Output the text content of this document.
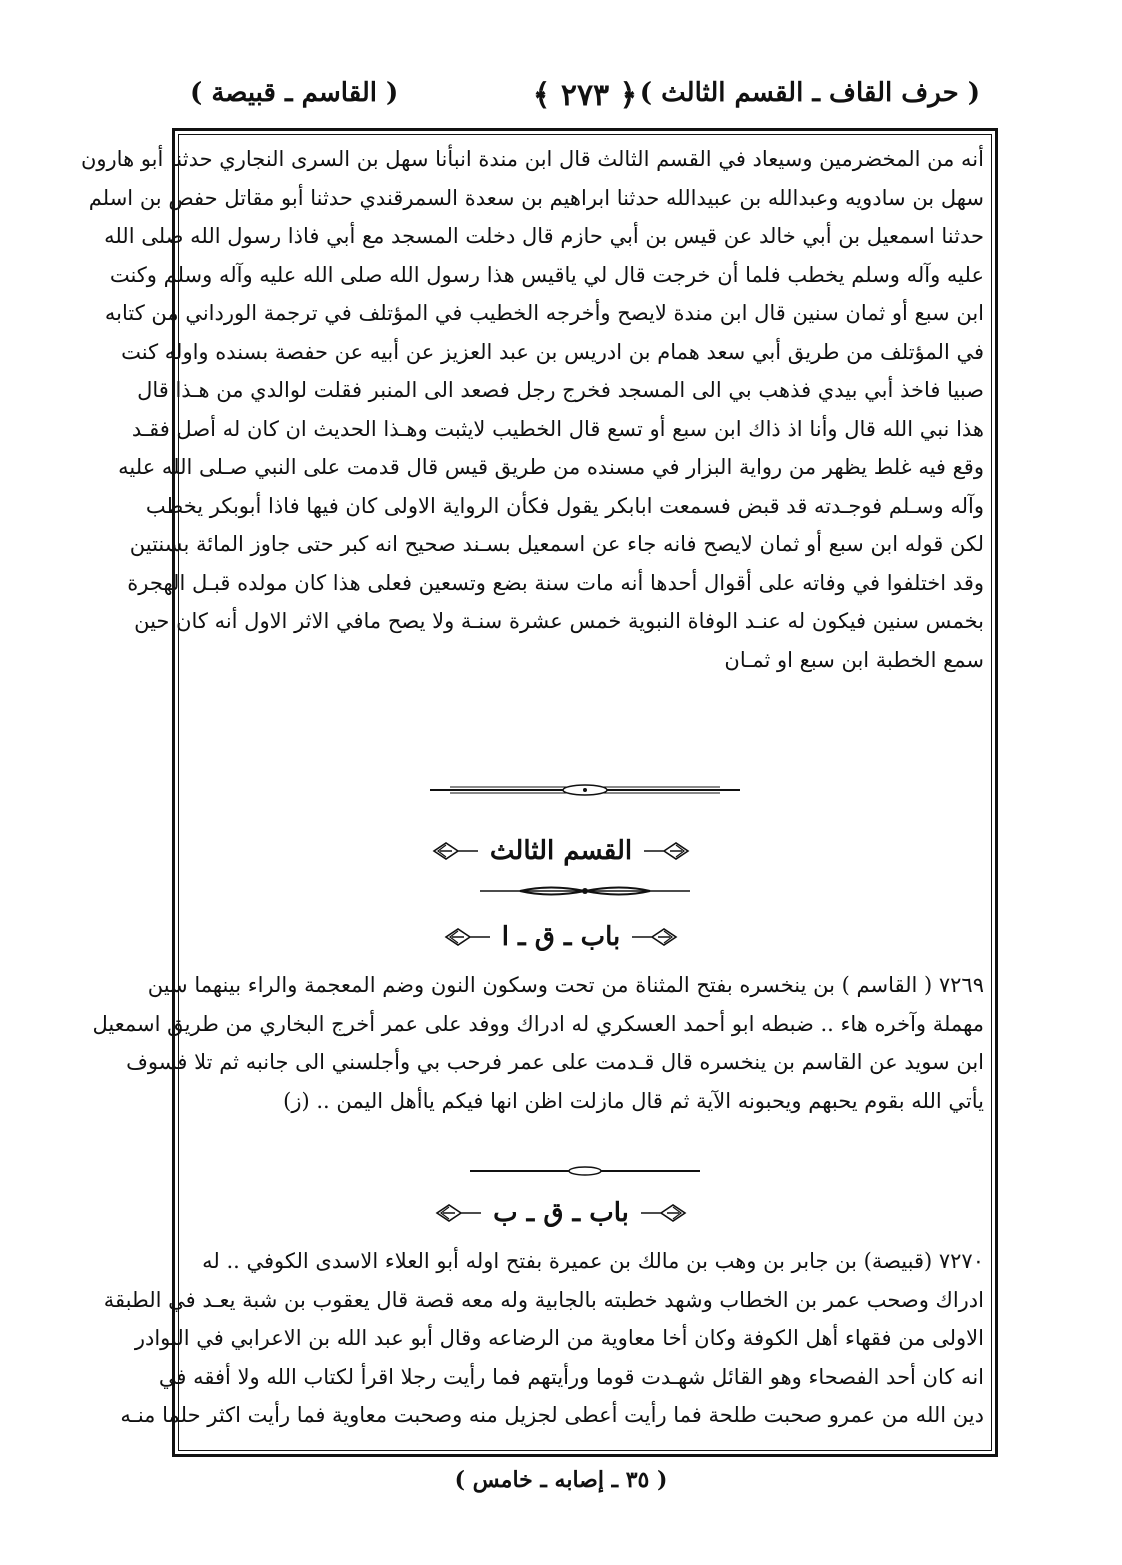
( حرف القاف ـ القسم الثالث )
﴿ ٢٧٣ ﴾
( القاسم ـ قبيصة )
أنه من المخضرمين وسيعاد في القسم الثالث قال ابن مندة انبأنا سهل بن السرى النجاري حدثنا أبو هارون
سهل بن سادويه وعبدالله بن عبيدالله حدثنا ابراهيم بن سعدة السمرقندي حدثنا أبو مقاتل حفص بن اسلم
حدثنا اسمعيل بن أبي خالد عن قيس بن أبي حازم قال دخلت المسجد مع أبي فاذا رسول الله صلى الله
عليه وآله وسلم يخطب فلما أن خرجت قال لي ياقيس هذا رسول الله صلى الله عليه وآله وسلم وكنت
ابن سبع أو ثمان سنين قال ابن مندة لايصح وأخرجه الخطيب في المؤتلف في ترجمة الورداني من كتابه
في المؤتلف من طريق أبي سعد همام بن ادريس بن عبد العزيز عن أبيه عن حفصة بسنده واوله كنت
صبيا فاخذ أبي بيدي فذهب بي الى المسجد فخرج رجل فصعد الى المنبر فقلت لوالدي من هـذا قال
هذا نبي الله قال وأنا اذ ذاك ابن سبع أو تسع قال الخطيب لايثبت وهـذا الحديث ان كان له أصل فقـد
وقع فيه غلط يظهر من رواية البزار في مسنده من طريق قيس قال قدمت على النبي صـلى الله عليه
وآله وسـلم فوجـدته قد قبض فسمعت ابابكر يقول فكأن الرواية الاولى كان فيها فاذا أبوبكر يخطب
لكن قوله ابن سبع أو ثمان لايصح فانه جاء عن اسمعيل بسـند صحيح انه كبر حتى جاوز المائة بسنتين
وقد اختلفوا في وفاته على أقوال أحدها أنه مات سنة بضع وتسعين فعلى هذا كان مولده قبـل الهجرة
بخمس سنين فيكون له عنـد الوفاة النبوية خمس عشرة سنـة ولا يصح مافي الاثر الاول أنه كان حين
سمع الخطبة ابن سبع او ثمـان
القسم الثالث
باب ـ ق ـ ا
٧٢٦٩ ( القاسم ) بن ينخسره بفتح المثناة من تحت وسكون النون وضم المعجمة والراء بينهما سين
مهملة وآخره هاء .. ضبطه ابو أحمد العسكري له ادراك ووفد على عمر أخرج البخاري من طريق اسمعيل
ابن سويد عن القاسم بن ينخسره قال قـدمت على عمر فرحب بي وأجلسني الى جانبه ثم تلا فسوف
يأتي الله بقوم يحبهم ويحبونه الآية ثم قال مازلت اظن انها فيكم ياأهل اليمن .. (ز)
باب ـ ق ـ ب
٧٢٧٠ (قبيصة) بن جابر بن وهب بن مالك بن عميرة بفتح اوله أبو العلاء الاسدى الكوفي .. له
ادراك وصحب عمر بن الخطاب وشهد خطبته بالجابية وله معه قصة قال يعقوب بن شبة يعـد في الطبقة
الاولى من فقهاء أهل الكوفة وكان أخا معاوية من الرضاعه وقال أبو عبد الله بن الاعرابي في النوادر
انه كان أحد الفصحاء وهو القائل شهـدت قوما ورأيتهم فما رأيت رجلا اقرأ لكتاب الله ولا أفقه في
دين الله من عمرو صحبت طلحة فما رأيت أعطى لجزيل منه وصحبت معاوية فما رأيت اكثر حلما منـه
( ٣٥ ـ إصابه ـ خامس )
